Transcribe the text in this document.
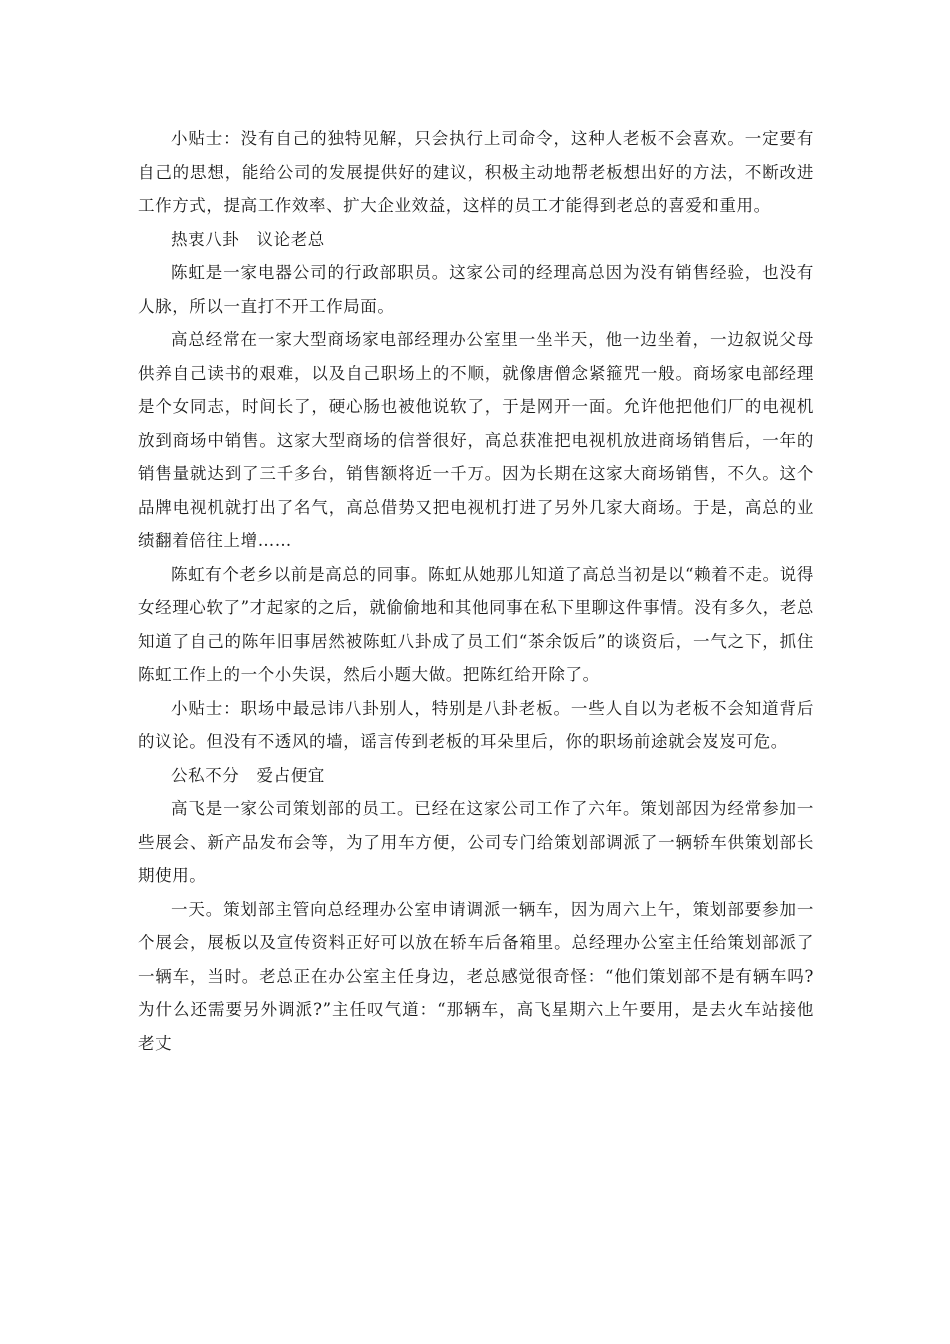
小贴士：没有自己的独特见解，只会执行上司命令，这种人老板不会喜欢。一定要有自己的思想，能给公司的发展提供好的建议，积极主动地帮老板想出好的方法，不断改进工作方式，提高工作效率、扩大企业效益，这样的员工才能得到老总的喜爱和重用。

热衷八卦　议论老总

陈虹是一家电器公司的行政部职员。这家公司的经理高总因为没有销售经验，也没有人脉，所以一直打不开工作局面。

高总经常在一家大型商场家电部经理办公室里一坐半天，他一边坐着，一边叙说父母供养自己读书的艰难，以及自己职场上的不顺，就像唐僧念紧箍咒一般。商场家电部经理是个女同志，时间长了，硬心肠也被他说软了，于是网开一面。允许他把他们厂的电视机放到商场中销售。这家大型商场的信誉很好，高总获准把电视机放进商场销售后，一年的销售量就达到了三千多台，销售额将近一千万。因为长期在这家大商场销售，不久。这个品牌电视机就打出了名气，高总借势又把电视机打进了另外几家大商场。于是，高总的业绩翻着倍往上增……

陈虹有个老乡以前是高总的同事。陈虹从她那儿知道了高总当初是以“赖着不走。说得女经理心软了”才起家的之后，就偷偷地和其他同事在私下里聊这件事情。没有多久，老总知道了自己的陈年旧事居然被陈虹八卦成了员工们“茶余饭后”的谈资后，一气之下，抓住陈虹工作上的一个小失误，然后小题大做。把陈红给开除了。

小贴士：职场中最忌讳八卦别人，特别是八卦老板。一些人自以为老板不会知道背后的议论。但没有不透风的墙，谣言传到老板的耳朵里后，你的职场前途就会岌岌可危。

公私不分　爱占便宜

高飞是一家公司策划部的员工。已经在这家公司工作了六年。策划部因为经常参加一些展会、新产品发布会等，为了用车方便，公司专门给策划部调派了一辆轿车供策划部长期使用。

一天。策划部主管向总经理办公室申请调派一辆车，因为周六上午，策划部要参加一个展会，展板以及宣传资料正好可以放在轿车后备箱里。总经理办公室主任给策划部派了一辆车，当时。老总正在办公室主任身边，老总感觉很奇怪：“他们策划部不是有辆车吗?为什么还需要另外调派?”主任叹气道：“那辆车，高飞星期六上午要用，是去火车站接他老丈
